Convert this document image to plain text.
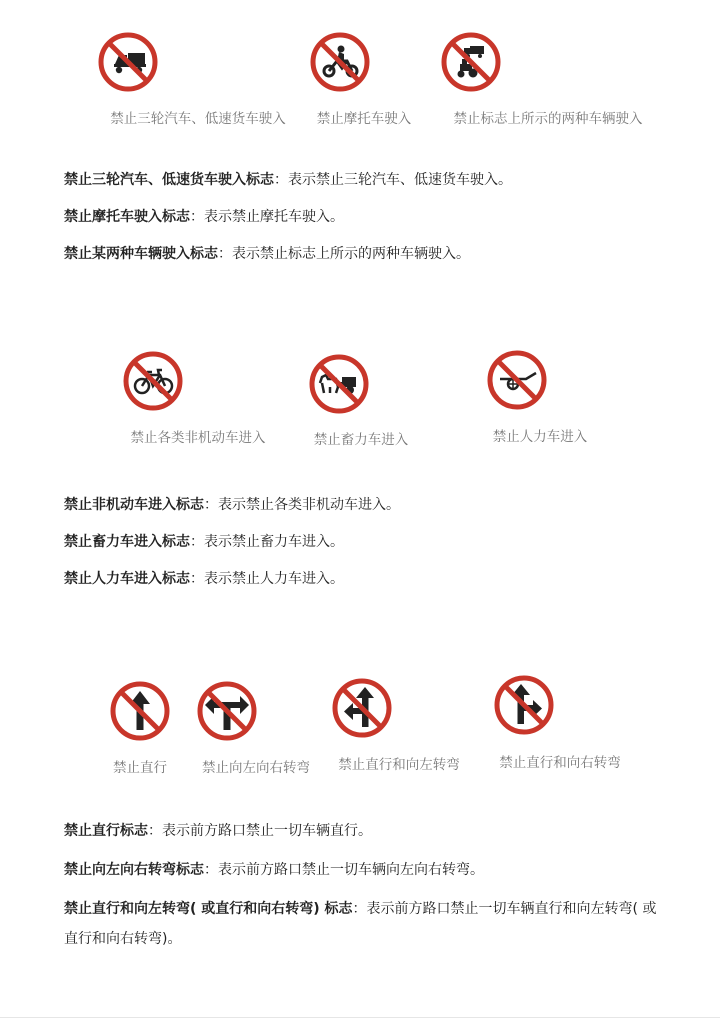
禁止三轮汽车、低速货车驶入 禁止摩托车驶入	禁止标志上所示的两种车辆驶入
禁止三轮汽车、低速货车驶入标志：表示禁止三轮汽车、低速货车驶入。
禁止摩托车驶入标志：表示禁止摩托车驶入。
禁止某两种车辆驶入标志：表示禁止标志上所示的两种车辆驶入。
禁止各类非机动车进入	禁止畜力车进入	禁止人力车进入
禁止非机动车进入标志：表示禁止各类非机动车进入。
禁止畜力车进入标志：表示禁止畜力车进入。
禁止人力车进入标志：表示禁止人力车进入。
禁止直行	禁止向左向右转弯 禁止直行和向左转弯	禁止直行和向右转弯
禁止直行标志：表示前方路口禁止一切车辆直行。
禁止向左向右转弯标志：表示前方路口禁止一切车辆向左向右转弯。
禁止直行和向左转弯( 或直行和向右转弯) 标志：表示前方路口禁止一切车辆直行和向左转弯( 或直行和向右转弯)。
